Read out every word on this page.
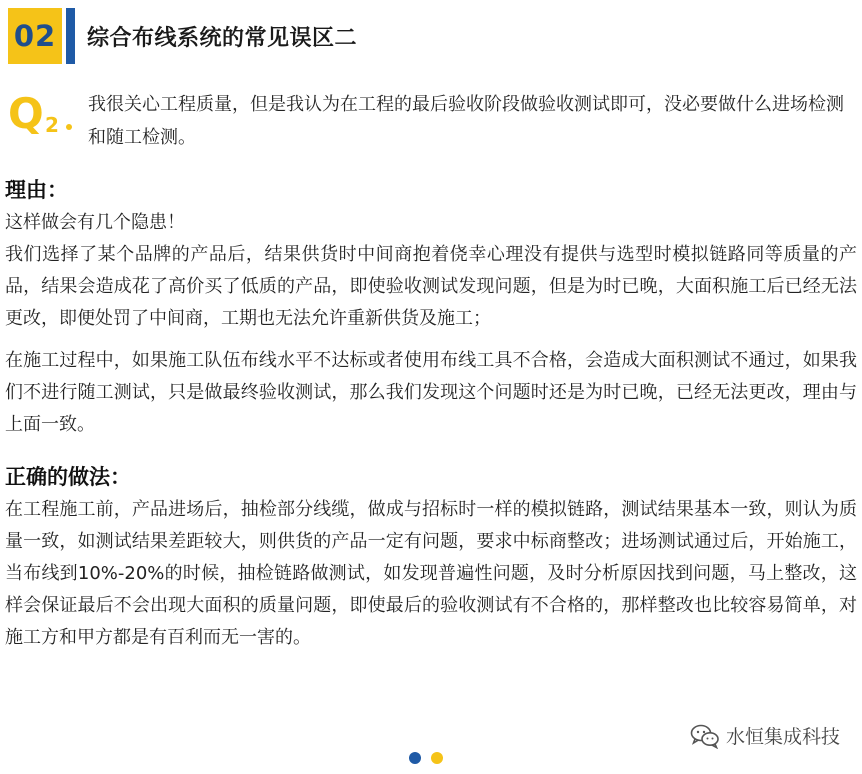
02 综合布线系统的常见误区二
Q 2
我很关心工程质量，但是我认为在工程的最后验收阶段做验收测试即可，没必要做什么进场检测和随工检测。
理由：

这样做会有几个隐患！

我们选择了某个品牌的产品后，结果供货时中间商抱着侥幸心理没有提供与选型时模拟链路同等质量的产品，结果会造成花了高价买了低质的产品，即使验收测试发现问题，但是为时已晚，大面积施工后已经无法更改，即便处罚了中间商，工期也无法允许重新供货及施工；

在施工过程中，如果施工队伍布线水平不达标或者使用布线工具不合格，会造成大面积测试不通过，如果我们不进行随工测试，只是做最终验收测试，那么我们发现这个问题时还是为时已晚，已经无法更改，理由与上面一致。

正确的做法：

在工程施工前，产品进场后，抽检部分线缆，做成与招标时一样的模拟链路，测试结果基本一致，则认为质量一致，如测试结果差距较大，则供货的产品一定有问题，要求中标商整改；进场测试通过后，开始施工，当布线到10%-20%的时候，抽检链路做测试，如发现普遍性问题，及时分析原因找到问题，马上整改，这样会保证最后不会出现大面积的质量问题，即使最后的验收测试有不合格的，那样整改也比较容易简单，对施工方和甲方都是有百利而无一害的。

水恒集成科技
